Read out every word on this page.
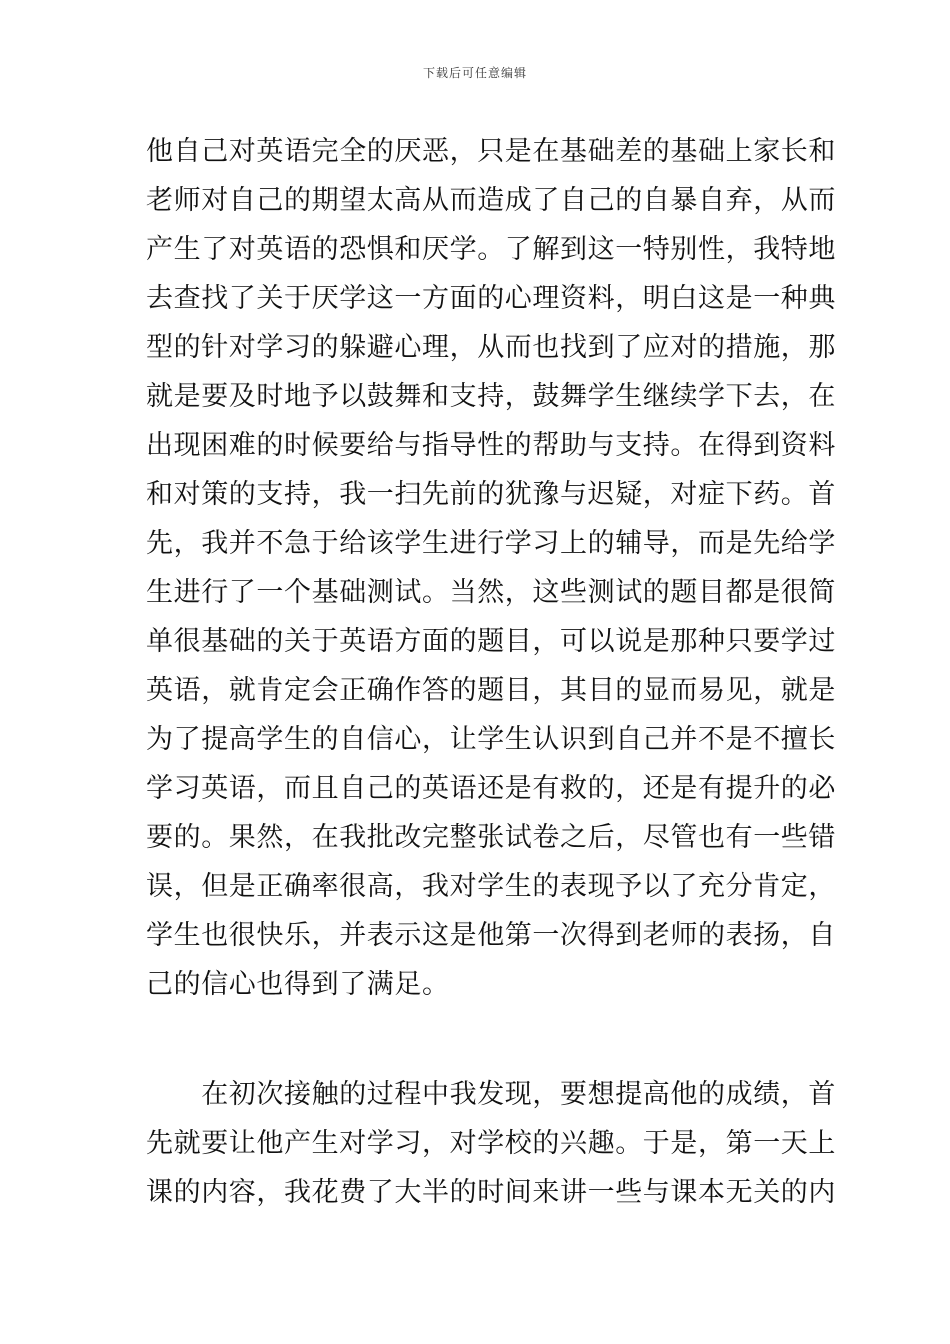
下载后可任意编辑
他自己对英语完全的厌恶，只是在基础差的基础上家长和
老师对自己的期望太高从而造成了自己的自暴自弃，从而
产生了对英语的恐惧和厌学。了解到这一特别性，我特地
去查找了关于厌学这一方面的心理资料，明白这是一种典
型的针对学习的躲避心理，从而也找到了应对的措施，那
就是要及时地予以鼓舞和支持，鼓舞学生继续学下去，在
出现困难的时候要给与指导性的帮助与支持。在得到资料
和对策的支持，我一扫先前的犹豫与迟疑，对症下药。首
先，我并不急于给该学生进行学习上的辅导，而是先给学
生进行了一个基础测试。当然，这些测试的题目都是很简
单很基础的关于英语方面的题目，可以说是那种只要学过
英语，就肯定会正确作答的题目，其目的显而易见，就是
为了提高学生的自信心，让学生认识到自己并不是不擅长
学习英语，而且自己的英语还是有救的，还是有提升的必
要的。果然，在我批改完整张试卷之后，尽管也有一些错
误，但是正确率很高，我对学生的表现予以了充分肯定，
学生也很快乐，并表示这是他第一次得到老师的表扬，自
己的信心也得到了满足。
　　在初次接触的过程中我发现，要想提高他的成绩，首
先就要让他产生对学习，对学校的兴趣。于是，第一天上
课的内容，我花费了大半的时间来讲一些与课本无关的内
